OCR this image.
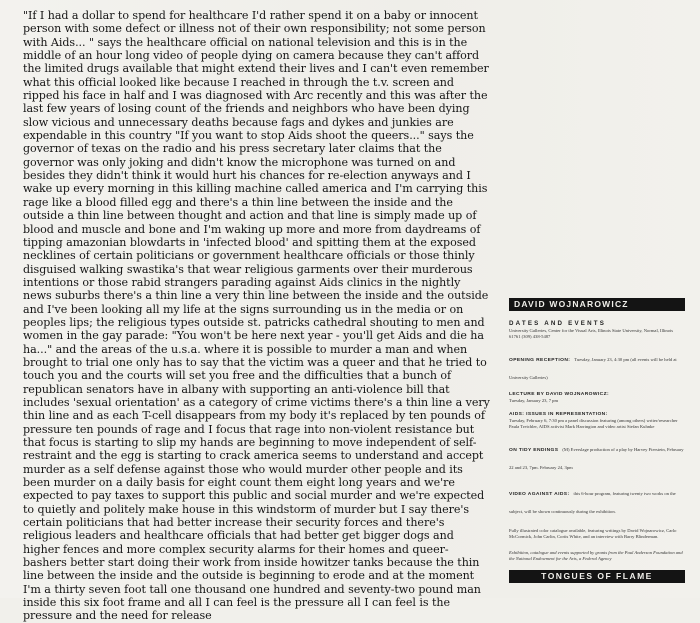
"If I had a dollar to spend for healthcare I'd rather spend it on a baby or innocent person with some defect or illness not of their own responsibility; not some person with Aids... " says the healthcare official on national television and this is in the middle of an hour long video of people dying on camera because they can't afford the limited drugs available that might extend their lives and I can't even remember what this official looked like because I reached in through the t.v. screen and ripped his face in half and I was diagnosed with Arc recently and this was after the last few years of losing count of the friends and neighbors who have been dying slow vicious and unnecessary deaths because fags and dykes and junkies are expendable in this country "If you want to stop Aids shoot the queers..." says the governor of texas on the radio and his press secretary later claims that the governor was only joking and didn't know the microphone was turned on and besides they didn't think it would hurt his chances for re-election anyways and I wake up every morning in this killing machine called america and I'm carrying this rage like a blood filled egg and there's a thin line between the inside and the outside a thin line between thought and action and that line is simply made up of blood and muscle and bone and I'm waking up more and more from daydreams of tipping amazonian blowdarts in 'infected blood' and spitting them at the exposed necklines of certain politicians or government healthcare officials or those thinly disguised walking swastika's that wear religious garments over their murderous intentions or those rabid strangers parading against Aids clinics in the nightly news suburbs there's a thin line a very thin line between the inside and the outside and I've been looking all my life at the signs surrounding us in the media or on peoples lips; the religious types outside st. patricks cathedral shouting to men and women in the gay parade: "You won't be here next year - you'll get Aids and die ha ha..." and the areas of the u.s.a. where it is possible to murder a man and when brought to trial one only has to say that the victim was a queer and that he tried to touch you and the courts will set you free and the difficulties that a bunch of republican senators have in albany with supporting an anti-violence bill that includes 'sexual orientation' as a category of crime victims there's a thin line a very thin line and as each T-cell disappears from my body it's replaced by ten pounds of pressure ten pounds of rage and I focus that rage into non-violent resistance but that focus is starting to slip my hands are beginning to move independent of self-restraint and the egg is starting to crack america seems to understand and accept murder as a self defense against those who would murder other people and its been murder on a daily basis for eight count them eight long years and we're expected to pay taxes to support this public and social murder and we're expected to quietly and politely make house in this windstorm of murder but I say there's certain politicians that had better increase their security forces and there's religious leaders and healthcare officials that had better get bigger dogs and higher fences and more complex security alarms for their homes and queer-bashers better start doing their work from inside howitzer tanks because the thin line between the inside and the outside is beginning to erode and at the moment I'm a thirty seven foot tall one thousand one hundred and seventy-two pound man inside this six foot frame and all I can feel is the pressure all I can feel is the pressure and the need for release
DAVID WOJNAROWICZ
DATES AND EVENTS
University Galleries, Center for the Visual Arts, Illinois State University, Normal, Illinois 61761 (309) 438-5487
OPENING RECEPTION: Tuesday, January 23, 4:30 pm (all events will be held at University Galleries)
LECTURE BY DAVID WOJNAROWICZ:
Tuesday, January 23, 7 pm
AIDS: ISSUES IN REPRESENTATION:
Tuesday, February 6, 7:30 pm a panel discussion featuring (among others) writer/researcher Paula Treichler, AIDS activist Mark Harrington and video artist Stefan Kuhnke
ON TIDY ENDINGS (M) Everslage production of a play by Harvey Fierstein, February 22 and 23, 7pm. February 24, 3pm
VIDEO AGAINST AIDS: this 6-hour program, featuring twenty two works on the subject, will be shown continuously during the exhibition.
Fully illustrated color catalogue available, featuring writings by David Wojnarowicz, Carlo McCormick, John Carlin, Cortis White, and an interview with Barry Blinderman.
Exhibition, catalogue and events supported by grants from the Paul Anderson Foundation and the National Endowment for the Arts, a Federal Agency
TONGUES OF FLAME
